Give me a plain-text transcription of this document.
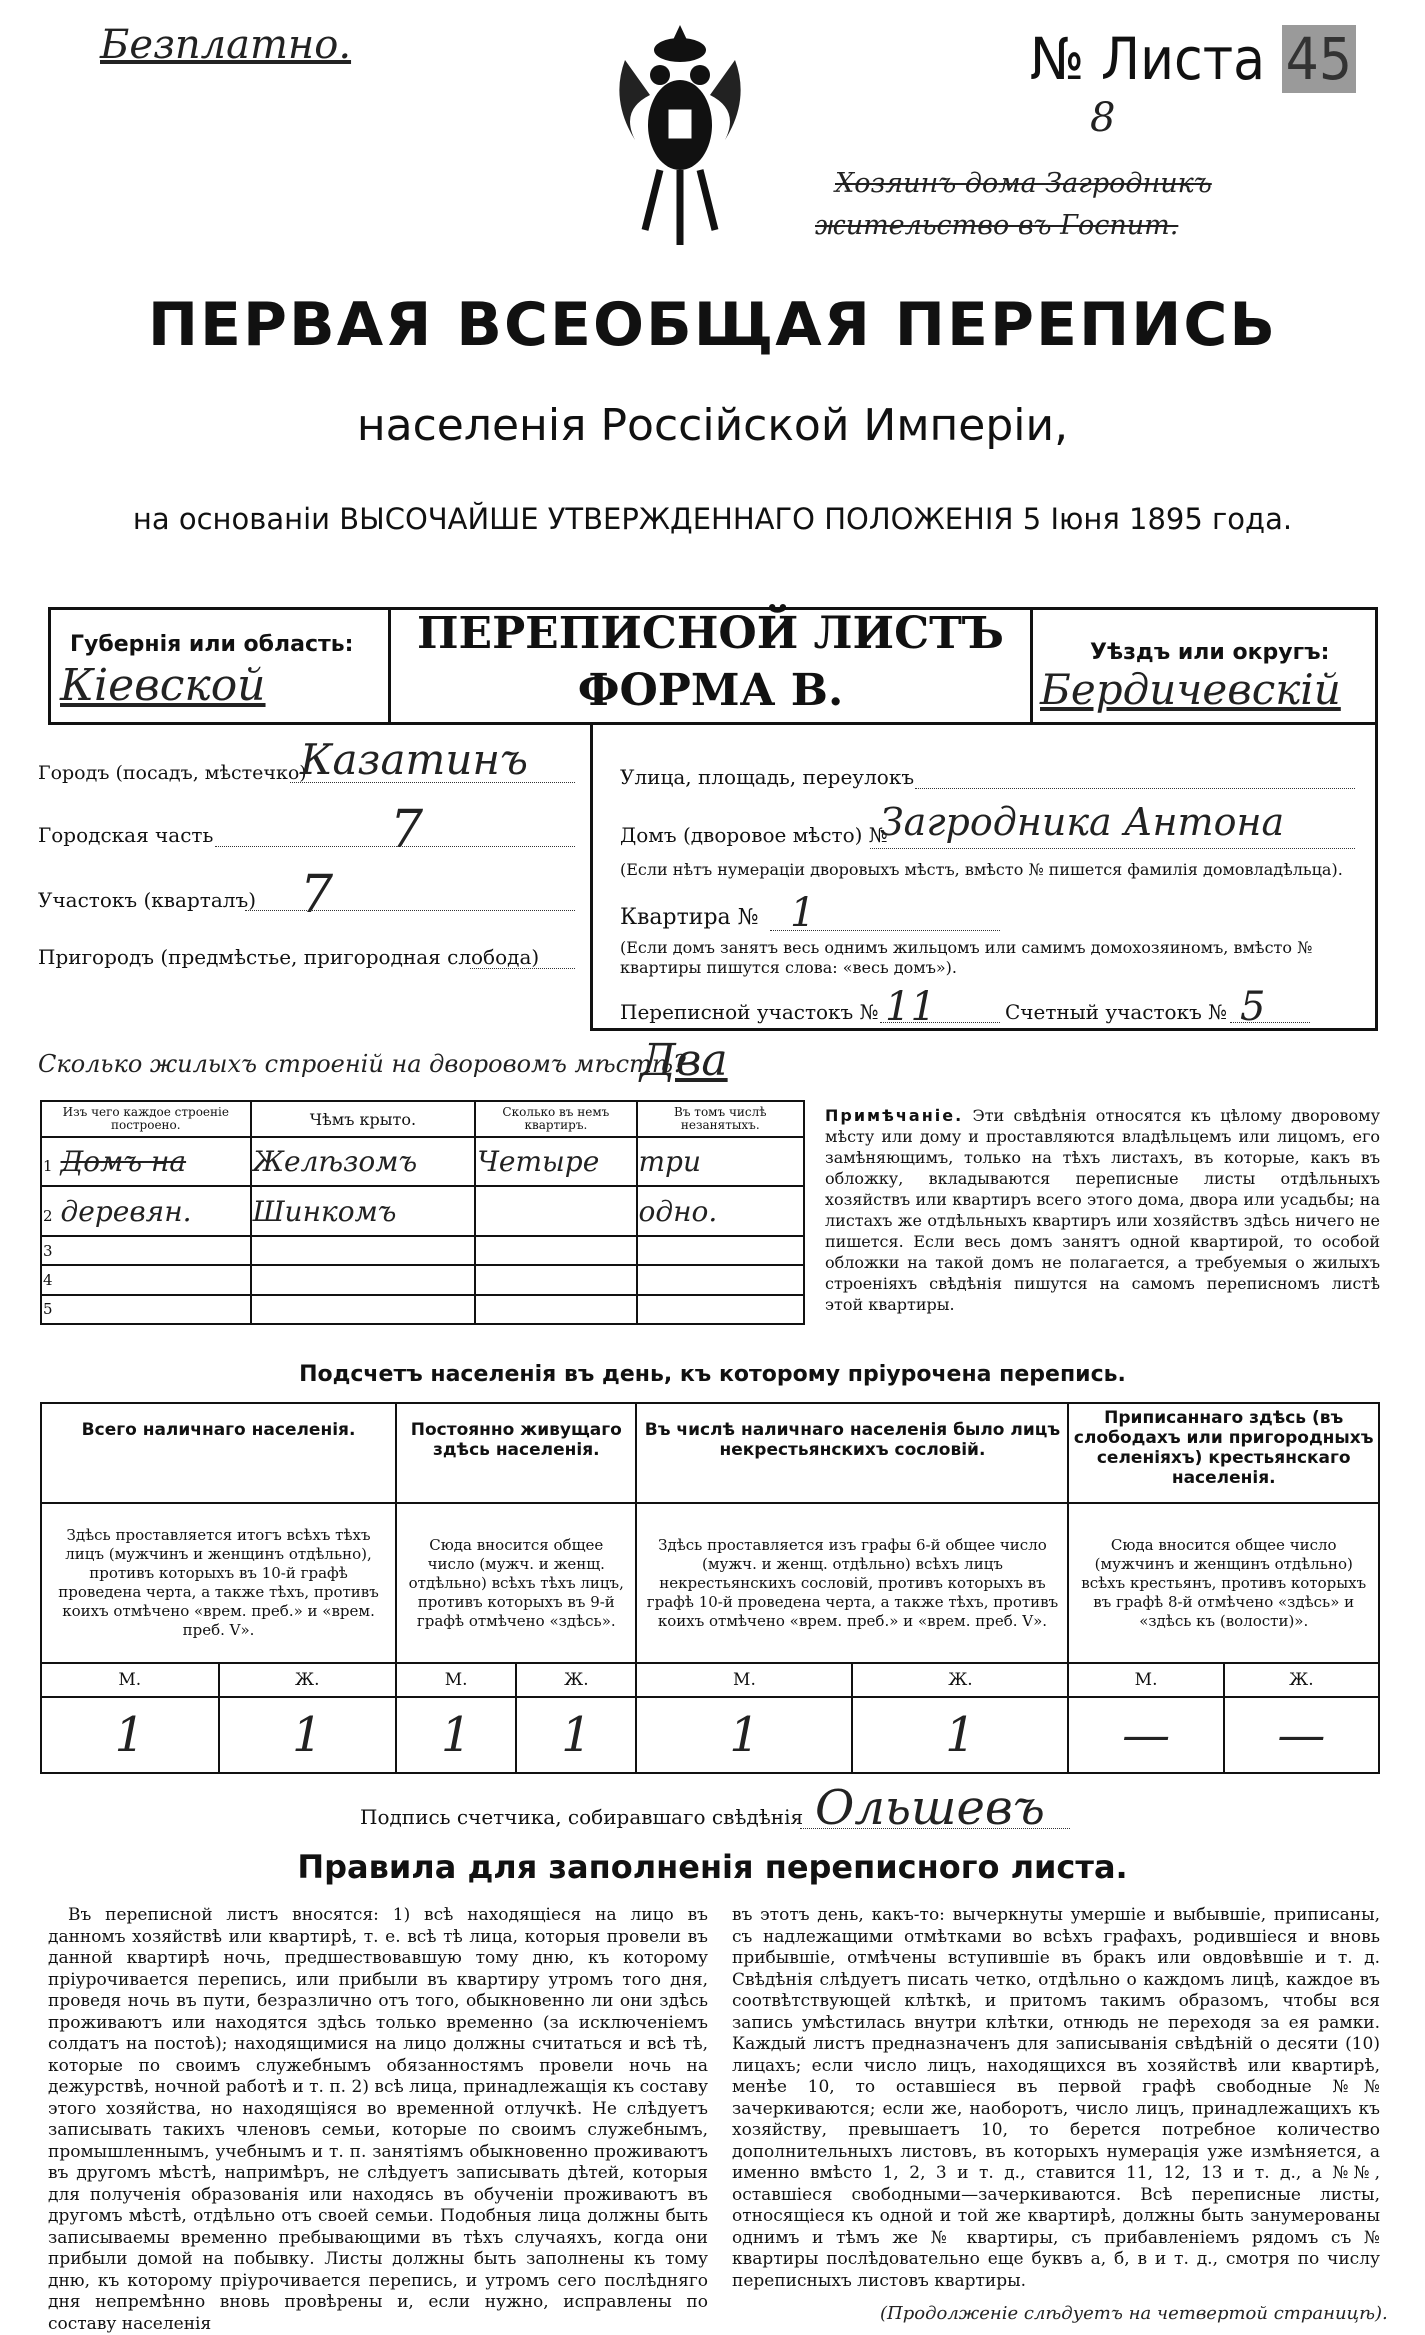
Безплатно.	№ Листа 45
8
Хозяинъ дома Загродникъ
жительство въ Госпит.
ПЕРВАЯ ВСЕОБЩАЯ ПЕРЕПИСЬ
населенія Россійской Имперіи,
на основаніи ВЫСОЧАЙШЕ УТВЕРЖДЕННАГО ПОЛОЖЕНІЯ 5 Іюня 1895 года.
Губернія или область:
Кіевской
ПЕРЕПИСНОЙ ЛИСТЪ
ФОРМА В.
Уѣздъ или округъ:
Бердичевскій
Городъ (посадъ, мѣстечко)
Казатинъ
Городская часть	7
Участокъ (кварталъ) 7
Пригородъ (предмѣстье, пригородная слобода)
Улица, площадь, переулокъ
Домъ (дворовое мѣсто) №
Загродника Антона
(Если нѣтъ нумераціи дворовыхъ мѣстъ, вмѣсто № пишется фамилія домовладѣльца).
Квартира № 1
(Если домъ занятъ весь однимъ жильцомъ или самимъ домохозяиномъ, вмѣсто № квартиры пишутся слова: «весь домъ»).
Переписной участокъ № 11	Счетный участокъ № 5
Сколько жилыхъ строеній на дворовомъ мѣстѣ?
Два
Изъ чего каждое строеніе построено.	Чѣмъ крыто.	Сколько въ немъ квартиръ.	Въ томъ числѣ незанятыхъ.
1 Домъ на	Желѣзомъ	Четыре	три
2 деревян.	Шинкомъ		одно.
3			
4			
5			
Примѣчаніе. Эти свѣдѣнія относятся къ цѣлому дворовому мѣсту или дому и проставляются владѣльцемъ или лицомъ, его замѣняющимъ, только на тѣхъ листахъ, въ которые, какъ въ обложку, вкладываются переписные листы отдѣльныхъ хозяйствъ или квартиръ всего этого дома, двора или усадьбы; на листахъ же отдѣльныхъ квартиръ или хозяйствъ здѣсь ничего не пишется. Если весь домъ занятъ одной квартирой, то особой обложки на такой домъ не полагается, а требуемыя о жилыхъ строеніяхъ свѣдѣнія пишутся на самомъ переписномъ листѣ этой квартиры.
Подсчетъ населенія въ день, къ которому пріурочена перепись.
Всего наличнаго населенія.		Постоянно живущаго здѣсь населенія.		Въ числѣ наличнаго населенія было лицъ некрестьянскихъ сословій.		Приписаннаго здѣсь (въ слободахъ или пригородныхъ селеніяхъ) крестьянскаго населенія.	
Здѣсь проставляется итогъ всѣхъ тѣхъ лицъ (мужчинъ и женщинъ отдѣльно), противъ которыхъ въ 10-й графѣ проведена черта, а также тѣхъ, противъ коихъ отмѣчено «врем. преб.» и «врем. преб. V».		Сюда вносится общее число (мужч. и женщ. отдѣльно) всѣхъ тѣхъ лицъ, противъ которыхъ въ 9-й графѣ отмѣчено «здѣсь».		Здѣсь проставляется изъ графы 6-й общее число (мужч. и женщ. отдѣльно) всѣхъ лицъ некрестьянскихъ сословій, противъ которыхъ въ графѣ 10-й проведена черта, а также тѣхъ, противъ коихъ отмѣчено «врем. преб.» и «врем. преб. V».		Сюда вносится общее число (мужчинъ и женщинъ отдѣльно) всѣхъ крестьянъ, противъ которыхъ въ графѣ 8-й отмѣчено «здѣсь» и «здѣсь къ (волости)».	
М.	Ж.	М.	Ж.	М.	Ж.	М.	Ж.
1	1	1	1	1	1	—	—
Подпись счетчика, собиравшаго свѣдѣнія Ольшевъ
Правила для заполненія переписного листа.
Въ переписной листъ вносятся: 1) всѣ находящіеся на лицо въ данномъ хозяйствѣ или квартирѣ, т. е. всѣ тѣ лица, которыя провели въ данной квартирѣ ночь, предшествовавшую тому дню, къ которому пріурочивается перепись, или прибыли въ квартиру утромъ того дня, проведя ночь въ пути, безразлично отъ того, обыкновенно ли они здѣсь проживаютъ или находятся здѣсь только временно (за исключеніемъ солдатъ на постоѣ); находящимися на лицо должны считаться и всѣ тѣ, которые по своимъ служебнымъ обязанностямъ провели ночь на дежурствѣ, ночной работѣ и т. п. 2) всѣ лица, принадлежащія къ составу этого хозяйства, но находящіяся во временной отлучкѣ. Не слѣдуетъ записывать такихъ членовъ семьи, которые по своимъ служебнымъ, промышленнымъ, учебнымъ и т. п. занятіямъ обыкновенно проживаютъ въ другомъ мѣстѣ, напримѣръ, не слѣдуетъ записывать дѣтей, которыя для полученія образованія или находясь въ обученіи проживаютъ въ другомъ мѣстѣ, отдѣльно отъ своей семьи. Подобныя лица должны быть записываемы временно пребывающими въ тѣхъ случаяхъ, когда они прибыли домой на побывку. Листы должны быть заполнены къ тому дню, къ которому пріурочивается перепись, и утромъ сего послѣдняго дня непремѣнно вновь провѣрены и, если нужно, исправлены по составу населенія
въ этотъ день, какъ-то: вычеркнуты умершіе и выбывшіе, приписаны, съ надлежащими отмѣтками во всѣхъ графахъ, родившіеся и вновь прибывшіе, отмѣчены вступившіе въ бракъ или овдовѣвшіе и т. д. Свѣдѣнія слѣдуетъ писать четко, отдѣльно о каждомъ лицѣ, каждое въ соотвѣтствующей клѣткѣ, и притомъ такимъ образомъ, чтобы вся запись умѣстилась внутри клѣтки, отнюдь не переходя за ея рамки. Каждый листъ предназначенъ для записыванія свѣдѣній о десяти (10) лицахъ; если число лицъ, находящихся въ хозяйствѣ или квартирѣ, менѣе 10, то оставшіеся въ первой графѣ свободные №№ зачеркиваются; если же, наоборотъ, число лицъ, принадлежащихъ къ хозяйству, превышаетъ 10, то берется потребное количество дополнительныхъ листовъ, въ которыхъ нумерація уже измѣняется, а именно вмѣсто 1, 2, 3 и т. д., ставится 11, 12, 13 и т. д., а №№, оставшіеся свободными—зачеркиваются. Всѣ переписные листы, относящіеся къ одной и той же квартирѣ, должны быть занумерованы однимъ и тѣмъ же № квартиры, съ прибавленіемъ рядомъ съ № квартиры послѣдовательно еще буквъ а, б, в и т. д., смотря по числу переписныхъ листовъ квартиры.
(Продолженіе слѣдуетъ на четвертой страницѣ).
